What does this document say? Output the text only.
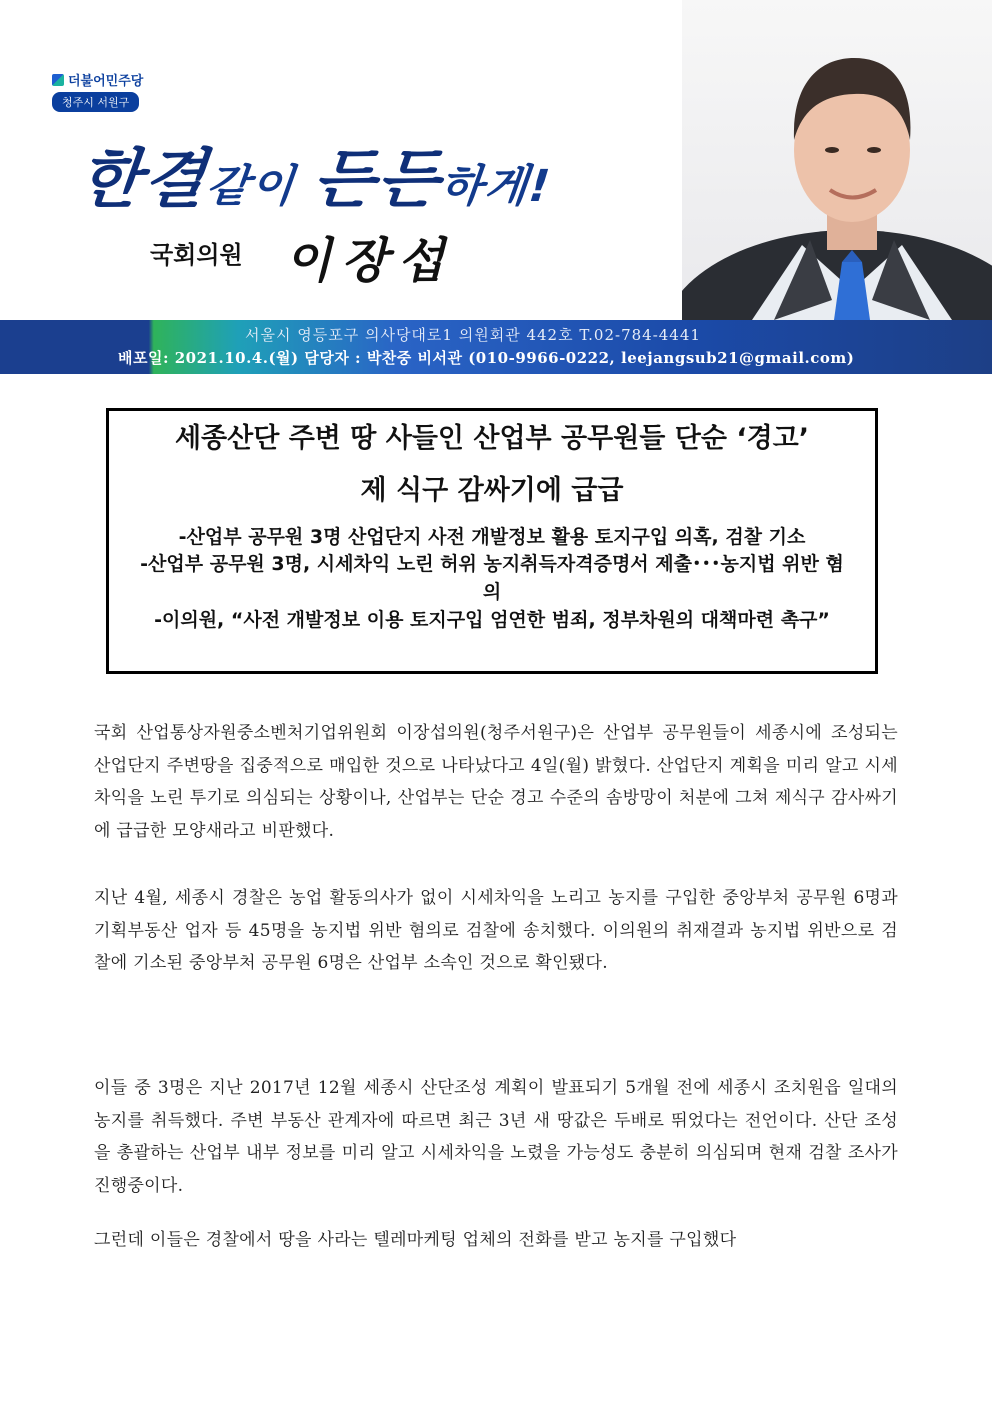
더불어민주당
청주시 서원구
한결같이 든든하게!
국회의원 이장섭
서울시 영등포구 의사당대로1 의원회관 442호 T.02-784-4441
배포일: 2021.10.4.(월) 담당자 : 박찬중 비서관 (010-9966-0222, leejangsub21@gmail.com)
세종산단 주변 땅 사들인 산업부 공무원들 단순 ‘경고’
제 식구 감싸기에 급급
-산업부 공무원 3명 산업단지 사전 개발정보 활용 토지구입 의혹, 검찰 기소
-산업부 공무원 3명, 시세차익 노린 허위 농지취득자격증명서 제출･･･농지법 위반 혐의
-이의원, “사전 개발정보 이용 토지구입 엄연한 범죄, 정부차원의 대책마련 촉구”
국회 산업통상자원중소벤처기업위원회 이장섭의원(청주서원구)은 산업부 공무원들이 세종시에 조성되는 산업단지 주변땅을 집중적으로 매입한 것으로 나타났다고 4일(월) 밝혔다. 산업단지 계획을 미리 알고 시세차익을 노린 투기로 의심되는 상황이나, 산업부는 단순 경고 수준의 솜방망이 처분에 그쳐 제식구 감사싸기에 급급한 모양새라고 비판했다.
지난 4월, 세종시 경찰은 농업 활동의사가 없이 시세차익을 노리고 농지를 구입한 중앙부처 공무원 6명과 기획부동산 업자 등 45명을 농지법 위반 혐의로 검찰에 송치했다. 이의원의 취재결과 농지법 위반으로 검찰에 기소된 중앙부처 공무원 6명은 산업부 소속인 것으로 확인됐다.
이들 중 3명은 지난 2017년 12월 세종시 산단조성 계획이 발표되기 5개월 전에 세종시 조치원읍 일대의 농지를 취득했다. 주변 부동산 관계자에 따르면 최근 3년 새 땅값은 두배로 뛰었다는 전언이다. 산단 조성을 총괄하는 산업부 내부 정보를 미리 알고 시세차익을 노렸을 가능성도 충분히 의심되며 현재 검찰 조사가 진행중이다.
그런데 이들은 경찰에서 땅을 사라는 텔레마케팅 업체의 전화를 받고 농지를 구입했다
